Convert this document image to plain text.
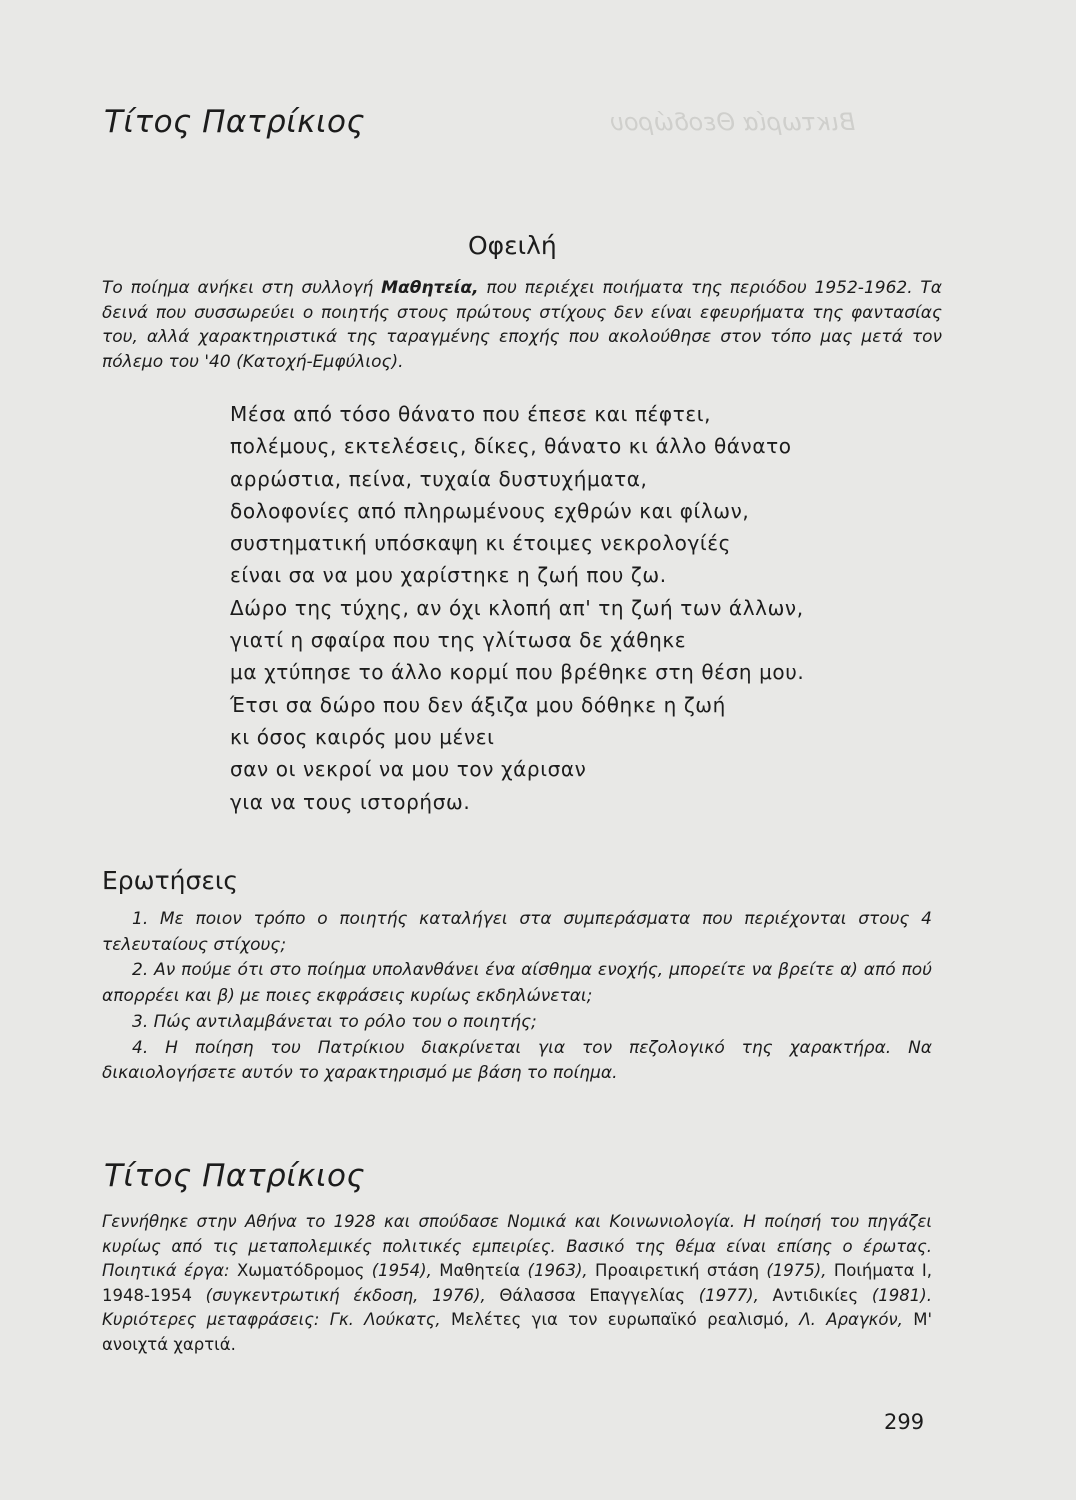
Βικτωρία Θεοδώρου
Τίτος Πατρίκιος
Οφειλή

Το ποίημα ανήκει στη συλλογή Μαθητεία, που περιέχει ποιήματα της περιόδου 1952-1962. Τα δεινά που συσσωρεύει ο ποιητής στους πρώτους στίχους δεν είναι εφευρήματα της φαντασίας του, αλλά χαρακτηριστικά της ταραγμένης εποχής που ακολούθησε στον τόπο μας μετά τον πόλεμο του '40 (Κατοχή-Εμφύλιος).

Μέσα από τόσο θάνατο που έπεσε και πέφτει,
πολέμους, εκτελέσεις, δίκες, θάνατο κι άλλο θάνατο
αρρώστια, πείνα, τυχαία δυστυχήματα,
δολοφονίες από πληρωμένους εχθρών και φίλων,
συστηματική υπόσκαψη κι έτοιμες νεκρολογίές
είναι σα να μου χαρίστηκε η ζωή που ζω.
Δώρο της τύχης, αν όχι κλοπή απ' τη ζωή των άλλων,
γιατί η σφαίρα που της γλίτωσα δε χάθηκε
μα χτύπησε το άλλο κορμί που βρέθηκε στη θέση μου.
Έτσι σα δώρο που δεν άξιζα μου δόθηκε η ζωή
κι όσος καιρός μου μένει
σαν οι νεκροί να μου τον χάρισαν
για να τους ιστορήσω.
Ερωτήσεις
1. Με ποιον τρόπο ο ποιητής καταλήγει στα συμπεράσματα που περιέχονται στους 4 τελευταίους στίχους;
2. Αν πούμε ότι στο ποίημα υπολανθάνει ένα αίσθημα ενοχής, μπορείτε να βρείτε α) από πού απορρέει και β) με ποιες εκφράσεις κυρίως εκδηλώνεται;
3. Πώς αντιλαμβάνεται το ρόλο του ο ποιητής;
4. Η ποίηση του Πατρίκιου διακρίνεται για τον πεζολογικό της χαρακτήρα. Να δικαιολογήσετε αυτόν το χαρακτηρισμό με βάση το ποίημα.
Τίτος Πατρίκιος

Γεννήθηκε στην Αθήνα το 1928 και σπούδασε Νομικά και Κοινωνιολογία. Η ποίησή του πηγάζει κυρίως από τις μεταπολεμικές πολιτικές εμπειρίες. Βασικό της θέμα είναι επίσης ο έρωτας. Ποιητικά έργα: Χωματόδρομος (1954), Μαθητεία (1963), Προαιρετική στάση (1975), Ποιήματα Ι, 1948-1954 (συγκεντρωτική έκδοση, 1976), Θάλασσα Επαγγελίας (1977), Αντιδικίες (1981). Κυριότερες μεταφράσεις: Γκ. Λούκατς, Μελέτες για τον ευρωπαϊκό ρεαλισμό, Λ. Αραγκόν, Μ' ανοιχτά χαρτιά.

299
